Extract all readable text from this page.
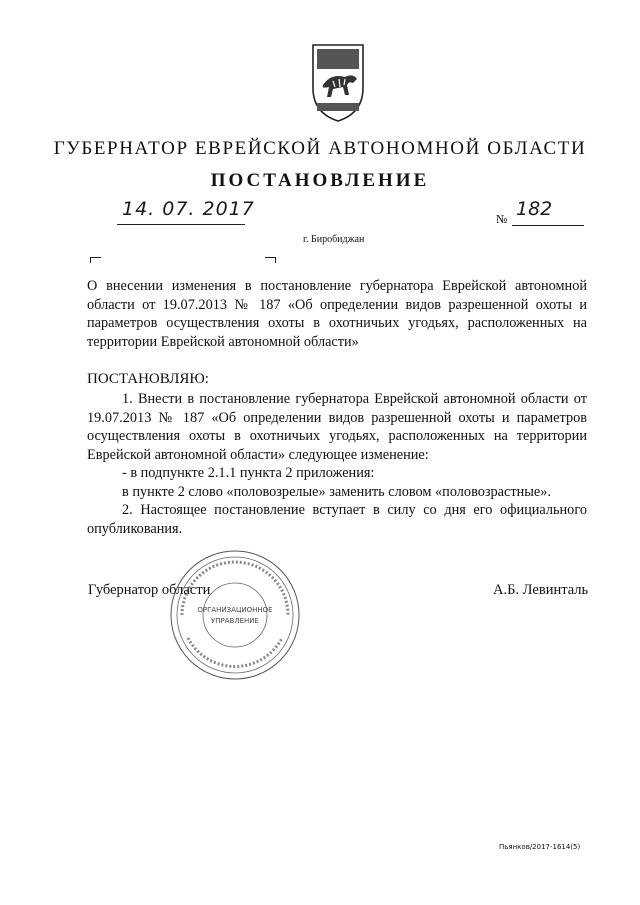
ГУБЕРНАТОР ЕВРЕЙСКОЙ АВТОНОМНОЙ ОБЛАСТИ
ПОСТАНОВЛЕНИЕ
14. 07. 2017	№ 182
г. Биробиджан

О внесении изменения в постановление губернатора Еврейской автономной области от 19.07.2013 № 187 «Об определении видов разрешенной охоты и параметров осуществления охоты в охотничьих угодьях, расположенных на территории Еврейской автономной области»

ПОСТАНОВЛЯЮ:

1. Внести в постановление губернатора Еврейской автономной области от 19.07.2013 № 187 «Об определении видов разрешенной охоты и параметров осуществления охоты в охотничьих угодьях, расположенных на территории Еврейской автономной области» следующее изменение:

- в подпункте 2.1.1 пункта 2 приложения:

в пункте 2 слово «половозрелые» заменить словом «половозрастные».

2. Настоящее постановление вступает в силу со дня его официального опубликования.

ОРГАНИЗАЦИОННОЕ
УПРАВЛЕНИЕ
Губернатор области	А.Б. Левинталь
Пьянков/2017-1614(5)
